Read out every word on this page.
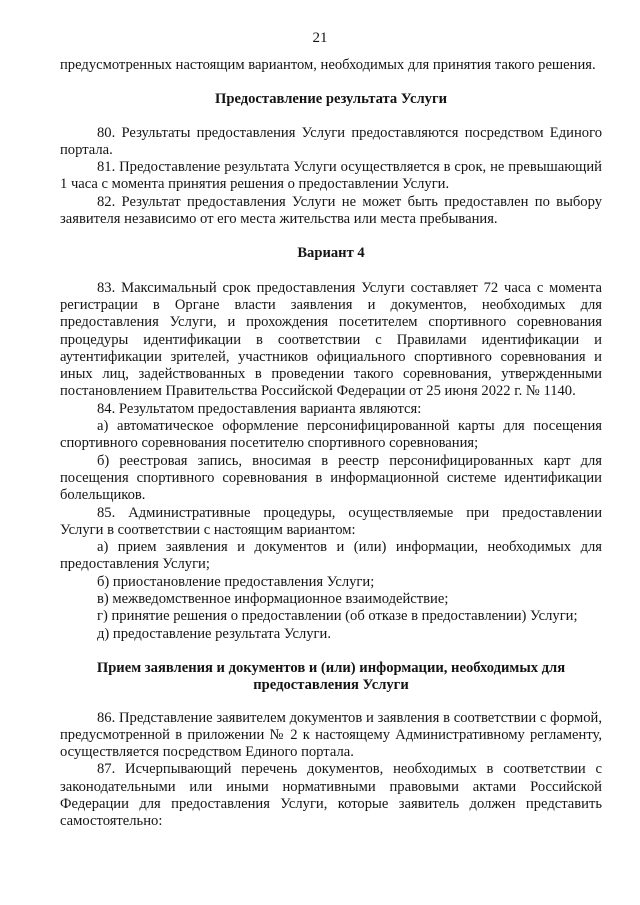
21

предусмотренных настоящим вариантом, необходимых для принятия такого решения.

Предоставление результата Услуги

80. Результаты предоставления Услуги предоставляются посредством Единого портала.

81. Предоставление результата Услуги осуществляется в срок, не превышающий 1 часа с момента принятия решения о предоставлении Услуги.

82. Результат предоставления Услуги не может быть предоставлен по выбору заявителя независимо от его места жительства или места пребывания.

Вариант 4

83. Максимальный срок предоставления Услуги составляет 72 часа с момента регистрации в Органе власти заявления и документов, необходимых для предоставления Услуги, и прохождения посетителем спортивного соревнования процедуры идентификации в соответствии с Правилами идентификации и аутентификации зрителей, участников официального спортивного соревнования и иных лиц, задействованных в проведении такого соревнования, утвержденными постановлением Правительства Российской Федерации от 25 июня 2022 г. № 1140.

84. Результатом предоставления варианта являются:

а) автоматическое оформление персонифицированной карты для посещения спортивного соревнования посетителю спортивного соревнования;

б) реестровая запись, вносимая в реестр персонифицированных карт для посещения спортивного соревнования в информационной системе идентификации болельщиков.

85. Административные процедуры, осуществляемые при предоставлении Услуги в соответствии с настоящим вариантом:

а) прием заявления и документов и (или) информации, необходимых для предоставления Услуги;

б) приостановление предоставления Услуги;

в) межведомственное информационное взаимодействие;

г) принятие решения о предоставлении (об отказе в предоставлении) Услуги;

д) предоставление результата Услуги.

Прием заявления и документов и (или) информации, необходимых для
предоставления Услуги

86. Представление заявителем документов и заявления в соответствии с формой, предусмотренной в приложении № 2 к настоящему Административному регламенту, осуществляется посредством Единого портала.

87. Исчерпывающий перечень документов, необходимых в соответствии с законодательными или иными нормативными правовыми актами Российской Федерации для предоставления Услуги, которые заявитель должен представить самостоятельно:
